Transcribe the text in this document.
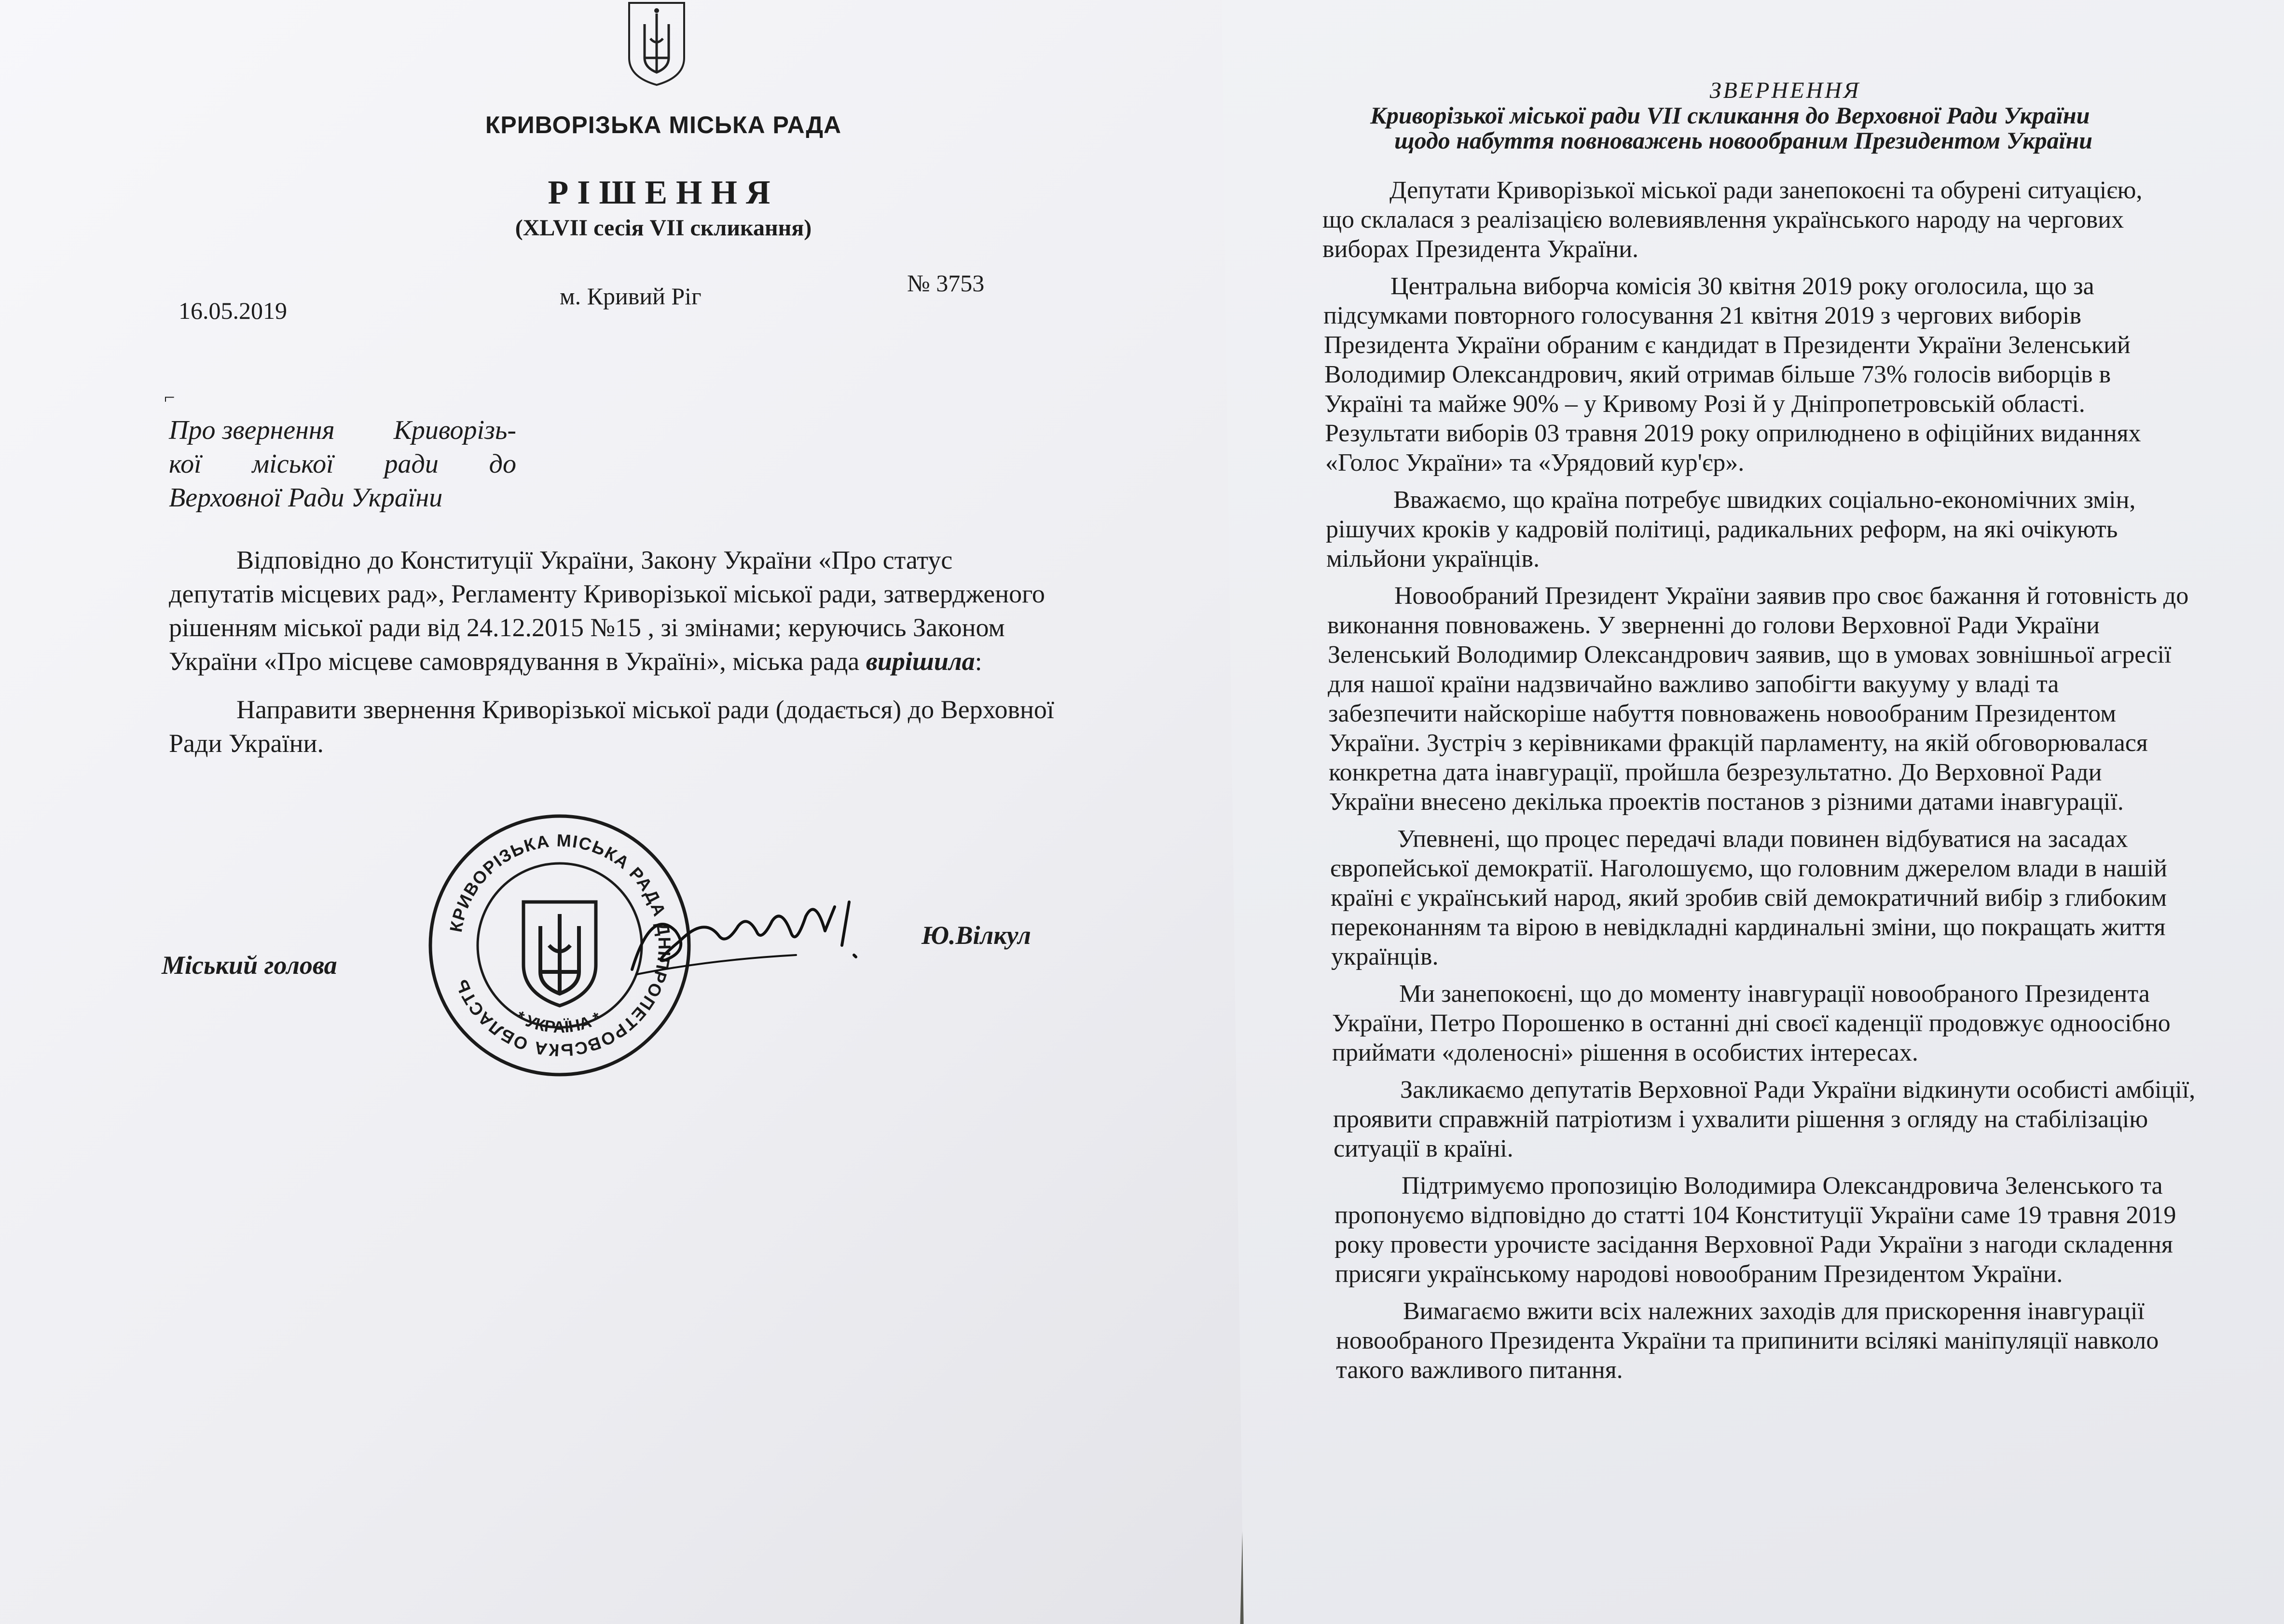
КРИВОРІЗЬКА МІСЬКА РАДА
РІШЕННЯ
(XLVII сесія VII скликання)
16.05.2019
м. Кривий Ріг	№ 3753
⌐
Про звернення Криворізь-
кої міської ради до
Верховної Ради України
Відповідно до Конституції України, Закону України «Про статус
депутатів місцевих рад», Регламенту Криворізької міської ради, затвердженого
рішенням міської ради від 24.12.2015 №15 , зі змінами; керуючись Законом
України «Про місцеве самоврядування в Україні», міська рада вирішила:
Направити звернення Криворізької міської ради (додається) до Верховної
Ради України.
Міський голова
Ю.Вілкул
КРИВОРІЗЬКА МІСЬКА РАДА ДНІПРОПЕТРОВСЬКА ОБЛАСТЬ
* УКРАЇНА *
ЗВЕРНЕННЯ
Криворізької міської ради VII скликання до Верховної Ради України
щодо набуття повноважень новообраним Президентом України
Депутати Криворізької міської ради занепокоєні та обурені ситуацією,
що склалася з реалізацією волевиявлення українського народу на чергових
виборах Президента України.
Центральна виборча комісія 30 квітня 2019 року оголосила, що за
підсумками повторного голосування 21 квітня 2019 з чергових виборів
Президента України обраним є кандидат в Президенти України Зеленський
Володимир Олександрович, який отримав більше 73% голосів виборців в
Україні та майже 90% – у Кривому Розі й у Дніпропетровській області.
Результати виборів 03 травня 2019 року оприлюднено в офіційних виданнях
«Голос України» та «Урядовий кур'єр».
Вважаємо, що країна потребує швидких соціально-економічних змін,
рішучих кроків у кадровій політиці, радикальних реформ, на які очікують
мільйони українців.
Новообраний Президент України заявив про своє бажання й готовність до
виконання повноважень. У зверненні до голови Верховної Ради України
Зеленський Володимир Олександрович заявив, що в умовах зовнішньої агресії
для нашої країни надзвичайно важливо запобігти вакууму у владі та
забезпечити найскоріше набуття повноважень новообраним Президентом
України. Зустріч з керівниками фракцій парламенту, на якій обговорювалася
конкретна дата інавгурації, пройшла безрезультатно. До Верховної Ради
України внесено декілька проектів постанов з різними датами інавгурації.
Упевнені, що процес передачі влади повинен відбуватися на засадах
європейської демократії. Наголошуємо, що головним джерелом влади в нашій
країні є український народ, який зробив свій демократичний вибір з глибоким
переконанням та вірою в невідкладні кардинальні зміни, що покращать життя
українців.
Ми занепокоєні, що до моменту інавгурації новообраного Президента
України, Петро Порошенко в останні дні своєї каденції продовжує одноосібно
приймати «доленосні» рішення в особистих інтересах.
Закликаємо депутатів Верховної Ради України відкинути особисті амбіції,
проявити справжній патріотизм і ухвалити рішення з огляду на стабілізацію
ситуації в країні.
Підтримуємо пропозицію Володимира Олександровича Зеленського та
пропонуємо відповідно до статті 104 Конституції України саме 19 травня 2019
року провести урочисте засідання Верховної Ради України з нагоди складення
присяги українському народові новообраним Президентом України.
Вимагаємо вжити всіх належних заходів для прискорення інавгурації
новообраного Президента України та припинити всілякі маніпуляції навколо
такого важливого питання.
